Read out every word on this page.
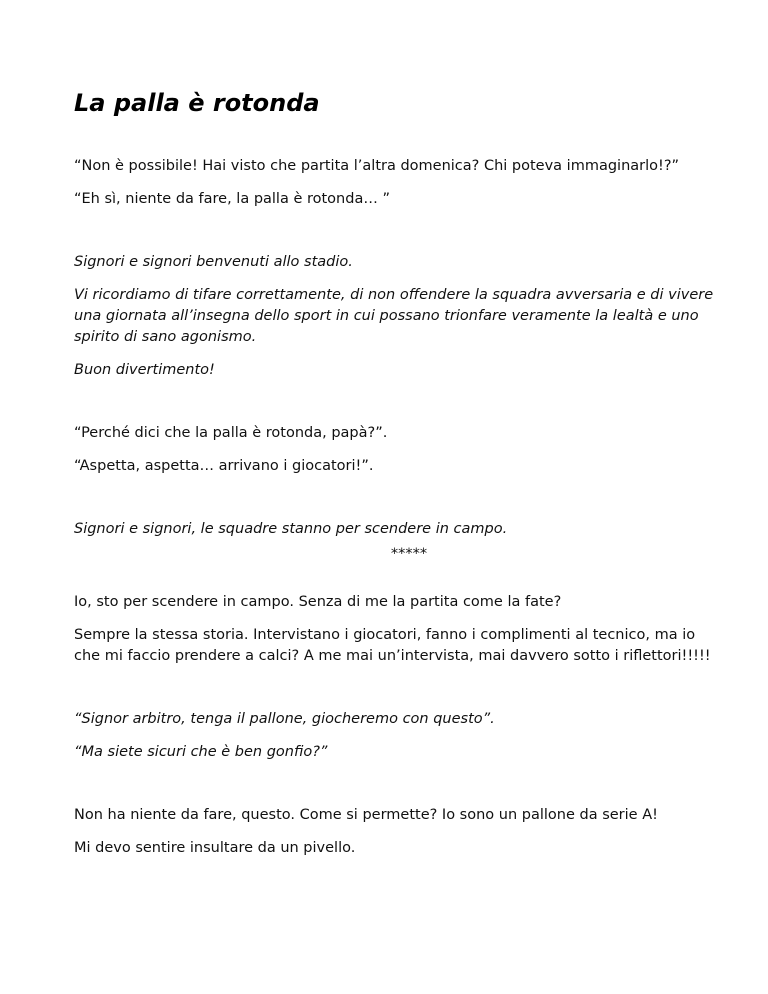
La palla è rotonda

“Non è possibile! Hai visto che partita l’altra domenica? Chi poteva immaginarlo!?”

“Eh sì, niente da fare, la palla è rotonda… ”

Signori e signori benvenuti allo stadio.

Vi ricordiamo di tifare correttamente, di non offendere la squadra avversaria e di vivere una giornata all’insegna dello sport in cui possano trionfare veramente la lealtà e uno spirito di sano agonismo.

Buon divertimento!

“Perché dici che la palla è rotonda, papà?”.

“Aspetta, aspetta… arrivano i giocatori!”.

Signori e signori, le squadre stanno per scendere in campo.

*****

Io, sto per scendere in campo. Senza di me la partita come la fate?

Sempre la stessa storia. Intervistano i giocatori, fanno i complimenti al tecnico, ma io che mi faccio prendere a calci? A me mai un’intervista, mai davvero sotto i riflettori!!!!!

“Signor arbitro, tenga il pallone, giocheremo con questo”.

“Ma siete sicuri che è ben gonfio?”

Non ha niente da fare, questo. Come si permette? Io sono un pallone da serie A!

Mi devo sentire insultare da un pivello.
